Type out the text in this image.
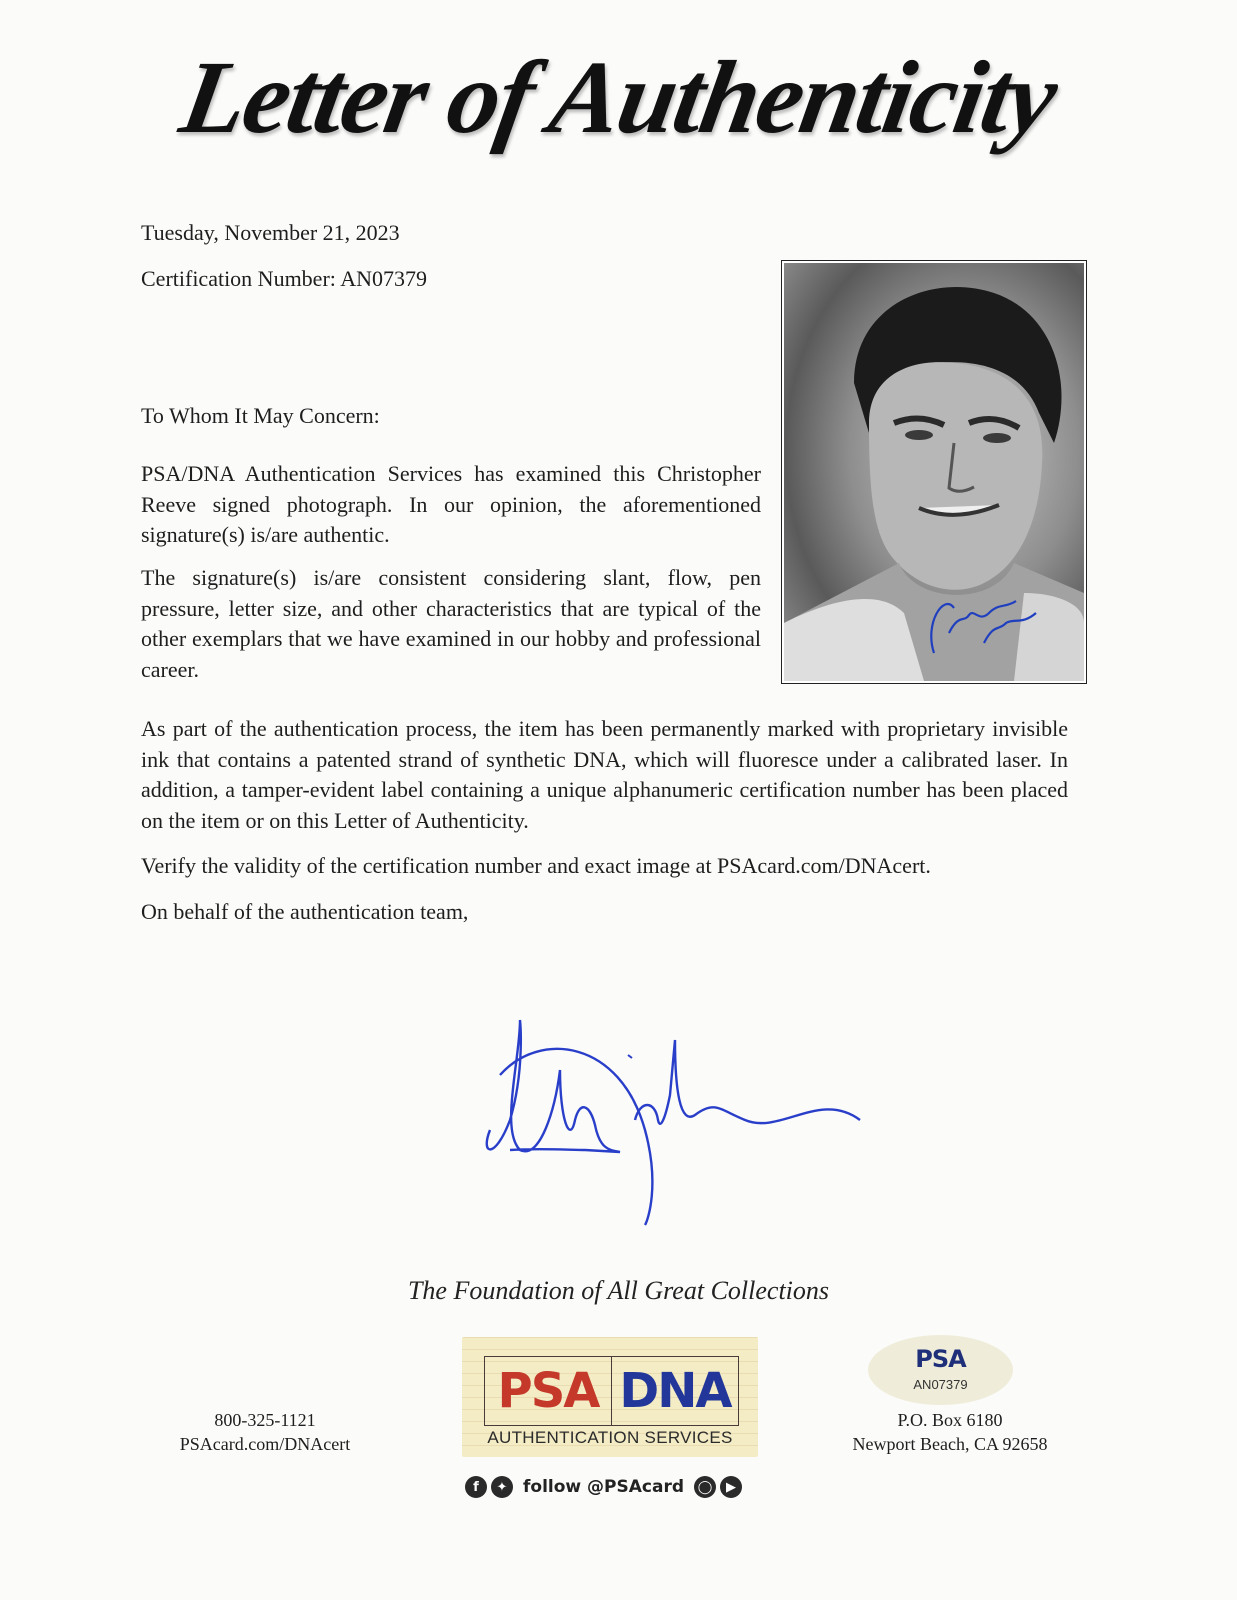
Letter of Authenticity
Tuesday, November 21, 2023
Certification Number: AN07379
To Whom It May Concern:
PSA/DNA Authentication Services has examined this Christopher Reeve signed photograph. In our opinion, the aforementioned signature(s) is/are authentic.
The signature(s) is/are consistent considering slant, flow, pen pressure, letter size, and other characteristics that are typical of the other exemplars that we have examined in our hobby and professional career.
As part of the authentication process, the item has been permanently marked with proprietary invisible ink that contains a patented strand of synthetic DNA, which will fluoresce under a calibrated laser. In addition, a tamper-evident label containing a unique alphanumeric certification number has been placed on the item or on this Letter of Authenticity.
Verify the validity of the certification number and exact image at PSAcard.com/DNAcert.
On behalf of the authentication team,
The Foundation of All Great Collections
800-325-1121
PSAcard.com/DNAcert
PSA DNA
AUTHENTICATION SERVICES
f	✦ follow @PSAcard ◯	▶
PSA
AN07379
P.O. Box 6180
Newport Beach, CA 92658
